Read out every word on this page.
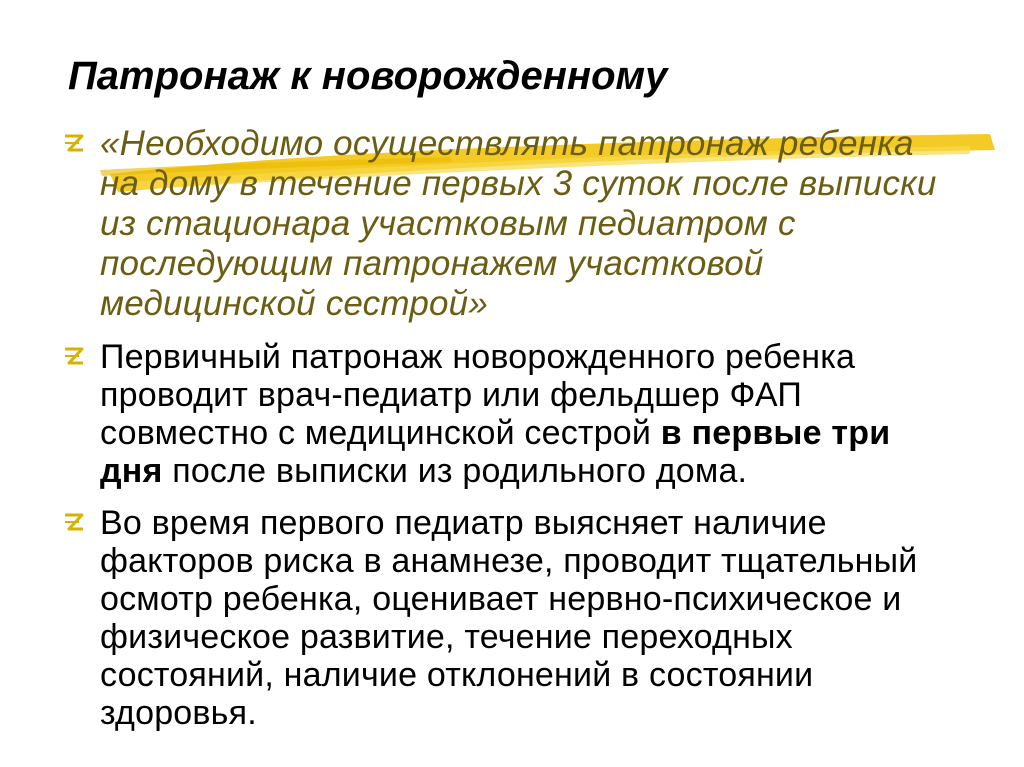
Патронаж к новорожденному
«Необходимо осуществлять патронаж ребенка на дому в течение первых 3 суток после выписки из стационара участковым педиатром с последующим патронажем участковой медицинской сестрой»
Первичный патронаж новорожденного ребенка проводит врач-педиатр или фельдшер ФАП совместно с медицинской сестрой в первые три дня после выписки из родильного дома.
Во время первого педиатр выясняет наличие факторов риска в анамнезе, проводит тщательный осмотр ребенка, оценивает нервно-психическое и физическое развитие, течение переходных состояний, наличие отклонений в состоянии здоровья.
